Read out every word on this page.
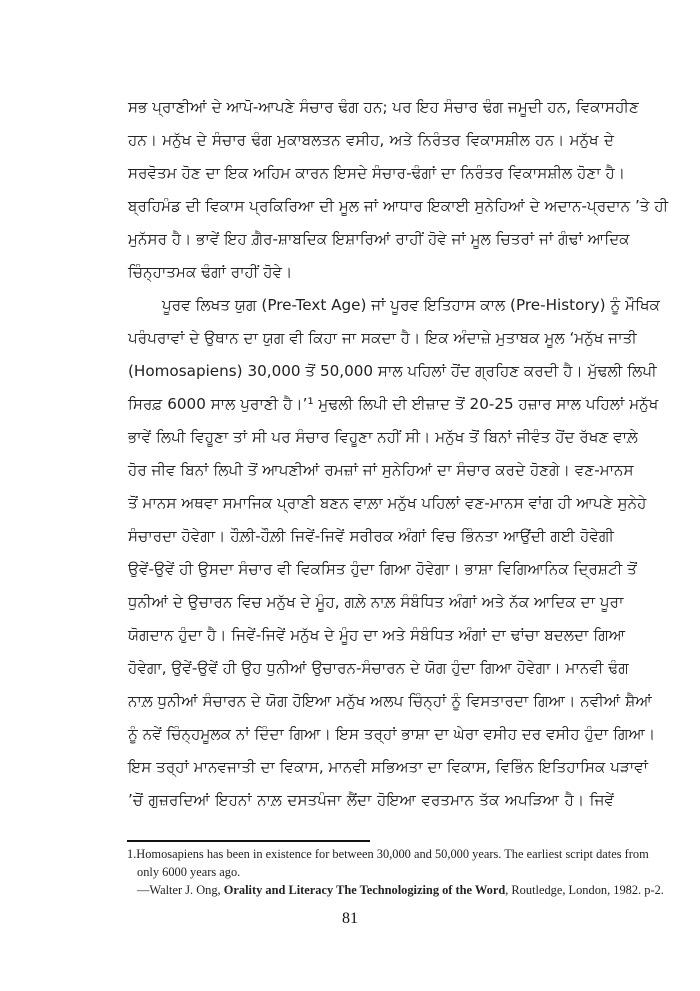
ਸਭ ਪ੍ਰਾਣੀਆਂ ਦੇ ਆਪੋ-ਆਪਣੇ ਸੰਚਾਰ ਢੰਗ ਹਨ; ਪਰ ਇਹ ਸੰਚਾਰ ਢੰਗ ਜਮੂਦੀ ਹਨ, ਵਿਕਾਸਹੀਣ
ਹਨ। ਮਨੁੱਖ ਦੇ ਸੰਚਾਰ ਢੰਗ ਮੁਕਾਬਲਤਨ ਵਸੀਹ, ਅਤੇ ਨਿਰੰਤਰ ਵਿਕਾਸਸ਼ੀਲ ਹਨ। ਮਨੁੱਖ ਦੇ
ਸਰਵੋਤਮ ਹੋਣ ਦਾ ਇਕ ਅਹਿਮ ਕਾਰਨ ਇਸਦੇ ਸੰਚਾਰ-ਢੰਗਾਂ ਦਾ ਨਿਰੰਤਰ ਵਿਕਾਸਸ਼ੀਲ ਹੋਣਾ ਹੈ।
ਬ੍ਰਹਿਮੰਡ ਦੀ ਵਿਕਾਸ ਪ੍ਰਕਿਰਿਆ ਦੀ ਮੂਲ ਜਾਂ ਆਧਾਰ ਇਕਾਈ ਸੁਨੇਹਿਆਂ ਦੇ ਅਦਾਨ-ਪ੍ਰਦਾਨ ’ਤੇ ਹੀ
ਮੁਨੱਸਰ ਹੈ। ਭਾਵੇਂ ਇਹ ਗ਼ੈਰ-ਸ਼ਾਬਦਿਕ ਇਸ਼ਾਰਿਆਂ ਰਾਹੀਂ ਹੋਵੇ ਜਾਂ ਮੂਲ ਚਿਤਰਾਂ ਜਾਂ ਗੰਢਾਂ ਆਦਿਕ
ਚਿੰਨ੍ਹਾਤਮਕ ਢੰਗਾਂ ਰਾਹੀਂ ਹੋਵੇ।
ਪੂਰਵ ਲਿਖਤ ਯੁਗ (Pre-Text Age) ਜਾਂ ਪੂਰਵ ਇਤਿਹਾਸ ਕਾਲ (Pre-History) ਨੂੰ ਮੌਖਿਕ
ਪਰੰਪਰਾਵਾਂ ਦੇ ਉਥਾਨ ਦਾ ਯੁਗ ਵੀ ਕਿਹਾ ਜਾ ਸਕਦਾ ਹੈ। ਇਕ ਅੰਦਾਜ਼ੇ ਮੁਤਾਬਕ ਮੂਲ ‘ਮਨੁੱਖ ਜਾਤੀ
(Homosapiens) 30,000 ਤੋਂ 50,000 ਸਾਲ ਪਹਿਲਾਂ ਹੋਂਦ ਗ੍ਰਹਿਣ ਕਰਦੀ ਹੈ। ਮੁੱਢਲੀ ਲਿਪੀ
ਸਿਰਫ਼ 6000 ਸਾਲ ਪੁਰਾਣੀ ਹੈ।’¹ ਮੁਢਲੀ ਲਿਪੀ ਦੀ ਈਜ਼ਾਦ ਤੋਂ 20-25 ਹਜ਼ਾਰ ਸਾਲ ਪਹਿਲਾਂ ਮਨੁੱਖ
ਭਾਵੇਂ ਲਿਪੀ ਵਿਹੂਣਾ ਤਾਂ ਸੀ ਪਰ ਸੰਚਾਰ ਵਿਹੂਣਾ ਨਹੀਂ ਸੀ। ਮਨੁੱਖ ਤੋਂ ਬਿਨਾਂ ਜੀਵੰਤ ਹੋਂਦ ਰੱਖਣ ਵਾਲ਼ੇ
ਹੋਰ ਜੀਵ ਬਿਨਾਂ ਲਿਪੀ ਤੋਂ ਆਪਣੀਆਂ ਰਮਜ਼ਾਂ ਜਾਂ ਸੁਨੇਹਿਆਂ ਦਾ ਸੰਚਾਰ ਕਰਦੇ ਹੋਣਗੇ। ਵਣ-ਮਾਨਸ
ਤੋਂ ਮਾਨਸ ਅਥਵਾ ਸਮਾਜਿਕ ਪ੍ਰਾਣੀ ਬਣਨ ਵਾਲ਼ਾ ਮਨੁੱਖ ਪਹਿਲਾਂ ਵਣ-ਮਾਨਸ ਵਾਂਗ ਹੀ ਆਪਣੇ ਸੁਨੇਹੇ
ਸੰਚਾਰਦਾ ਹੋਵੇਗਾ। ਹੌਲ਼ੀ-ਹੌਲ਼ੀ ਜਿਵੇਂ-ਜਿਵੇਂ ਸਰੀਰਕ ਅੰਗਾਂ ਵਿਚ ਭਿੰਨਤਾ ਆਉਂਦੀ ਗਈ ਹੋਵੇਗੀ
ਉਵੇਂ-ਉਵੇਂ ਹੀ ਉਸਦਾ ਸੰਚਾਰ ਵੀ ਵਿਕਸਿਤ ਹੁੰਦਾ ਗਿਆ ਹੋਵੇਗਾ। ਭਾਸ਼ਾ ਵਿਗਿਆਨਿਕ ਦ੍ਰਿਸ਼ਟੀ ਤੋਂ
ਧੁਨੀਆਂ ਦੇ ਉਚਾਰਨ ਵਿਚ ਮਨੁੱਖ ਦੇ ਮੂੰਹ, ਗਲ਼ੇ ਨਾਲ਼ ਸੰਬੰਧਿਤ ਅੰਗਾਂ ਅਤੇ ਨੱਕ ਆਦਿਕ ਦਾ ਪੂਰਾ
ਯੋਗਦਾਨ ਹੁੰਦਾ ਹੈ। ਜਿਵੇਂ-ਜਿਵੇਂ ਮਨੁੱਖ ਦੇ ਮੂੰਹ ਦਾ ਅਤੇ ਸੰਬੰਧਿਤ ਅੰਗਾਂ ਦਾ ਢਾਂਚਾ ਬਦਲਦਾ ਗਿਆ
ਹੋਵੇਗਾ, ਉਵੇਂ-ਉਵੇਂ ਹੀ ਉਹ ਧੁਨੀਆਂ ਉਚਾਰਨ-ਸੰਚਾਰਨ ਦੇ ਯੋਗ ਹੁੰਦਾ ਗਿਆ ਹੋਵੇਗਾ। ਮਾਨਵੀ ਢੰਗ
ਨਾਲ਼ ਧੁਨੀਆਂ ਸੰਚਾਰਨ ਦੇ ਯੋਗ ਹੋਇਆ ਮਨੁੱਖ ਅਲਪ ਚਿੰਨ੍ਹਾਂ ਨੂੰ ਵਿਸਤਾਰਦਾ ਗਿਆ। ਨਵੀਆਂ ਸ਼ੈਆਂ
ਨੂੰ ਨਵੇਂ ਚਿੰਨ੍ਹਮੂਲਕ ਨਾਂ ਦਿੰਦਾ ਗਿਆ। ਇਸ ਤਰ੍ਹਾਂ ਭਾਸ਼ਾ ਦਾ ਘੇਰਾ ਵਸੀਹ ਦਰ ਵਸੀਹ ਹੁੰਦਾ ਗਿਆ।
ਇਸ ਤਰ੍ਹਾਂ ਮਾਨਵਜਾਤੀ ਦਾ ਵਿਕਾਸ, ਮਾਨਵੀ ਸਭਿਅਤਾ ਦਾ ਵਿਕਾਸ, ਵਿਭਿੰਨ ਇਤਿਹਾਸਿਕ ਪੜਾਵਾਂ
’ਚੋਂ ਗੁਜ਼ਰਦਿਆਂ ਇਹਨਾਂ ਨਾਲ਼ ਦਸਤਪੰਜਾ ਲੈਂਦਾ ਹੋਇਆ ਵਰਤਮਾਨ ਤੱਕ ਅਪੜਿਆ ਹੈ। ਜਿਵੇਂ
1.Homosapiens has been in existence for between 30,000 and 50,000 years. The earliest script dates from
only 6000 years ago.
—Walter J. Ong, Orality and Literacy The Technologizing of the Word, Routledge, London, 1982. p-2.
81
